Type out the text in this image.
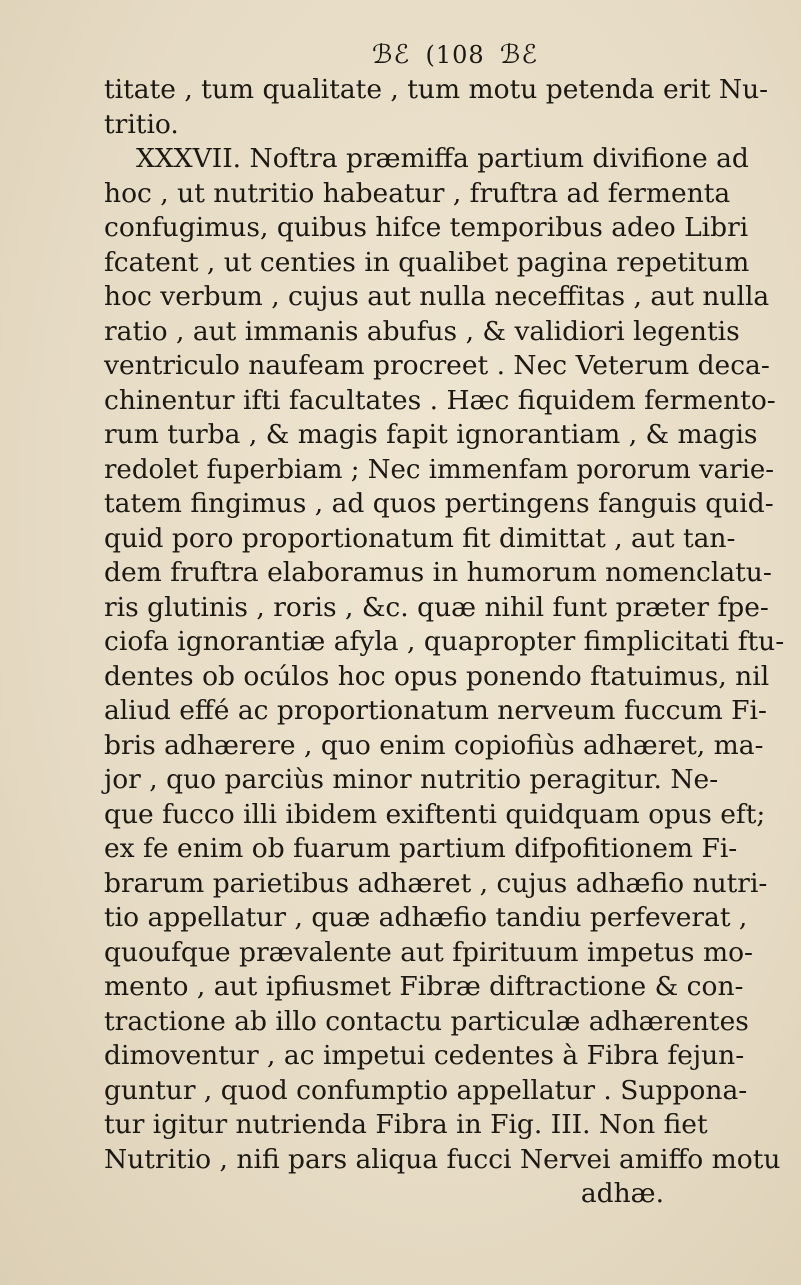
ℬℰ (108 ℬℰ
titate , tum qualitate , tum motu petenda erit Nu-
tritio.
XXXVII. Noftra præmiffa partium divifione ad
hoc , ut nutritio habeatur , fruftra ad fermenta
confugimus, quibus hifce temporibus adeo Libri
fcatent , ut centies in qualibet pagina repetitum
hoc verbum , cujus aut nulla neceffitas , aut nulla
ratio , aut immanis abufus , & validiori legentis
ventriculo naufeam procreet . Nec Veterum deca-
chinentur ifti facultates . Hæc fiquidem fermento-
rum turba , & magis fapit ignorantiam , & magis
redolet fuperbiam ; Nec immenfam pororum varie-
tatem fingimus , ad quos pertingens fanguis quid-
quid poro proportionatum fit dimittat , aut tan-
dem fruftra elaboramus in humorum nomenclatu-
ris glutinis , roris , &c. quæ nihil funt præter fpe-
ciofa ignorantiæ afyla , quapropter fimplicitati ftu-
dentes ob ocúlos hoc opus ponendo ftatuimus, nil
aliud effé ac proportionatum nerveum fuccum Fi-
bris adhærere , quo enim copiofiùs adhæret, ma-
jor , quo parciùs minor nutritio peragitur. Ne-
que fucco illi ibidem exiftenti quidquam opus eft;
ex fe enim ob fuarum partium difpofitionem Fi-
brarum parietibus adhæret , cujus adhæfio nutri-
tio appellatur , quæ adhæfio tandiu perfeverat ,
quoufque prævalente aut fpirituum impetus mo-
mento , aut ipfiusmet Fibræ diftractione & con-
tractione ab illo contactu particulæ adhærentes
dimoventur , ac impetui cedentes à Fibra fejun-
guntur , quod confumptio appellatur . Suppona-
tur igitur nutrienda Fibra in Fig. III. Non fiet
Nutritio , nifi pars aliqua fucci Nervei amiffo motu
adhæ.
